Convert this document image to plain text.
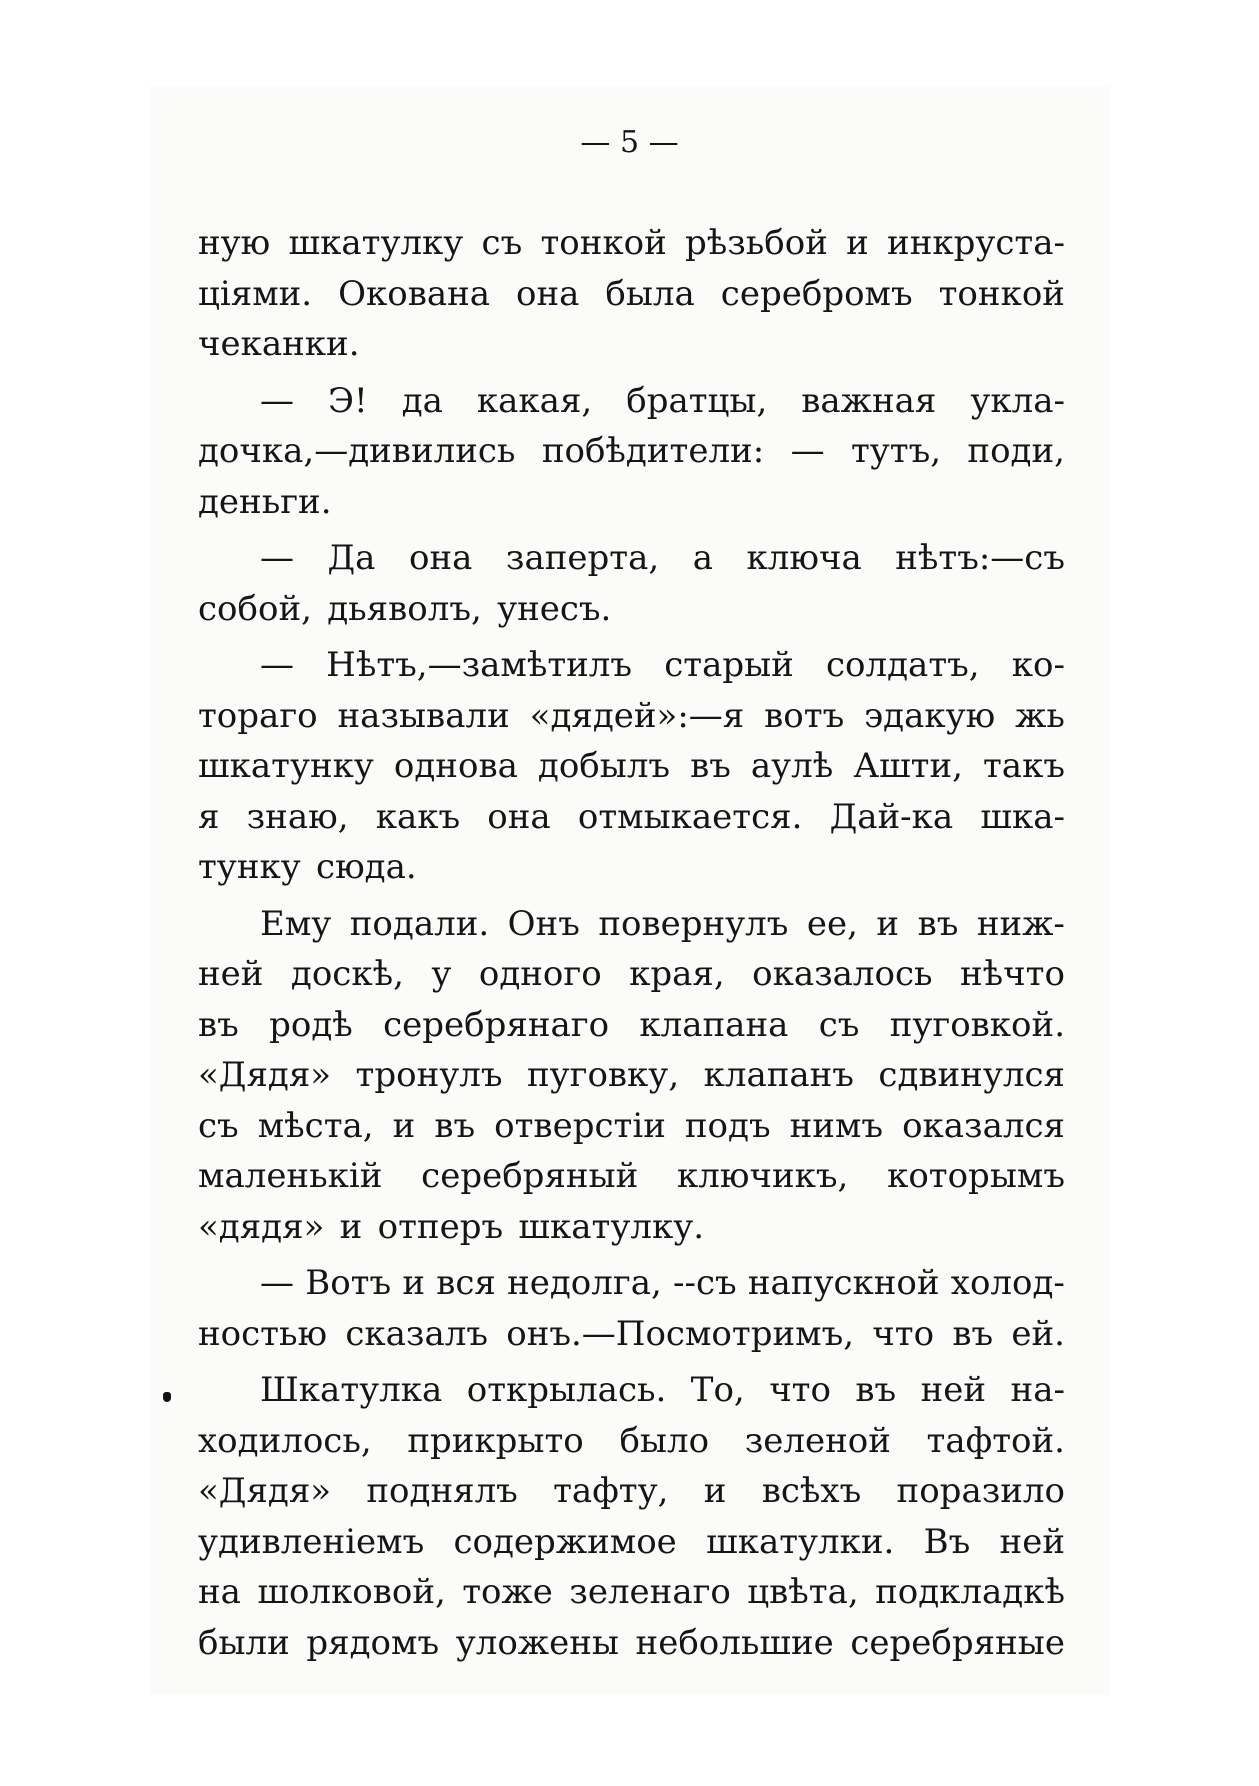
— 5 —
ную шкатулку съ тонкой рѣзьбой и инкруста-
ціями. Окована она была серебромъ тонкой
чеканки.
— Э! да какая, братцы, важная укла-
дочка,—дивились побѣдители: — тутъ, поди,
деньги.
— Да она заперта, а ключа нѣтъ:—съ
собой, дьяволъ, унесъ.
— Нѣтъ,—замѣтилъ старый солдатъ, ко-
тораго называли «дядей»:—я вотъ эдакую жь
шкатунку однова добылъ въ аулѣ Ашти, такъ
я знаю, какъ она отмыкается. Дай-ка шка-
тунку сюда.
Ему подали. Онъ повернулъ ее, и въ ниж-
ней доскѣ, у одного края, оказалось нѣчто
въ родѣ серебрянаго клапана съ пуговкой.
«Дядя» тронулъ пуговку, клапанъ сдвинулся
съ мѣста, и въ отверстіи подъ нимъ оказался
маленькій серебряный ключикъ, которымъ
«дядя» и отперъ шкатулку.
— Вотъ и вся недолга, --съ напускной холод-
ностью сказалъ онъ.—Посмотримъ, что въ ей.
Шкатулка открылась. То, что въ ней на-
ходилось, прикрыто было зеленой тафтой.
«Дядя» поднялъ тафту, и всѣхъ поразило
удивленіемъ содержимое шкатулки. Въ ней
на шолковой, тоже зеленаго цвѣта, подкладкѣ
были рядомъ уложены небольшие серебряные
